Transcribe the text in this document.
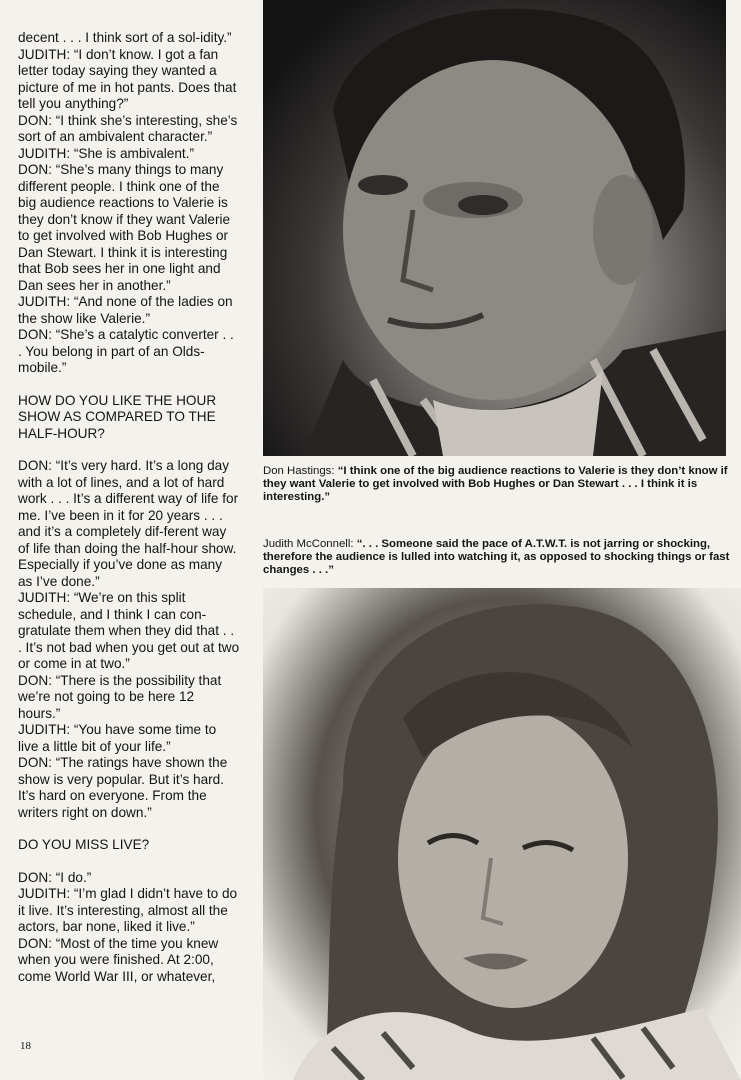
decent . . . I think sort of a sol-idity.”

JUDITH: “I don’t know. I got a fan letter today saying they wanted a picture of me in hot pants. Does that tell you anything?”

DON: “I think she’s interesting, she’s sort of an ambivalent character.”

JUDITH: “She is ambivalent.”

DON: “She’s many things to many different people. I think one of the big audience reactions to Valerie is they don’t know if they want Valerie to get involved with Bob Hughes or Dan Stewart. I think it is interesting that Bob sees her in one light and Dan sees her in another.”

JUDITH: “And none of the ladies on the show like Valerie.”

DON: “She’s a catalytic converter . . . You belong in part of an Olds-mobile.”

HOW DO YOU LIKE THE HOUR SHOW AS COMPARED TO THE HALF-HOUR?

DON: “It’s very hard. It’s a long day with a lot of lines, and a lot of hard work . . . It’s a different way of life for me. I’ve been in it for 20 years . . . and it’s a completely dif-ferent way of life than doing the half-hour show. Especially if you’ve done as many as I’ve done.”

JUDITH: “We’re on this split schedule, and I think I can con-gratulate them when they did that . . . It’s not bad when you get out at two or come in at two.”

DON: “There is the possibility that we’re not going to be here 12 hours.”

JUDITH: “You have some time to live a little bit of your life.”

DON: “The ratings have shown the show is very popular. But it’s hard. It’s hard on everyone. From the writers right on down.”

DO YOU MISS LIVE?

DON: “I do.”

JUDITH: “I’m glad I didn’t have to do it live. It’s interesting, almost all the actors, bar none, liked it live.”

DON: “Most of the time you knew when you were finished. At 2:00, come World War III, or whatever,

Don Hastings: “I think one of the big audience reactions to Valerie is they don’t know if they want Valerie to get involved with Bob Hughes or Dan Stewart . . . I think it is interesting.”
Judith McConnell: “. . . Someone said the pace of A.T.W.T. is not jarring or shocking, therefore the audience is lulled into watching it, as opposed to shocking things or fast changes . . .”
18
